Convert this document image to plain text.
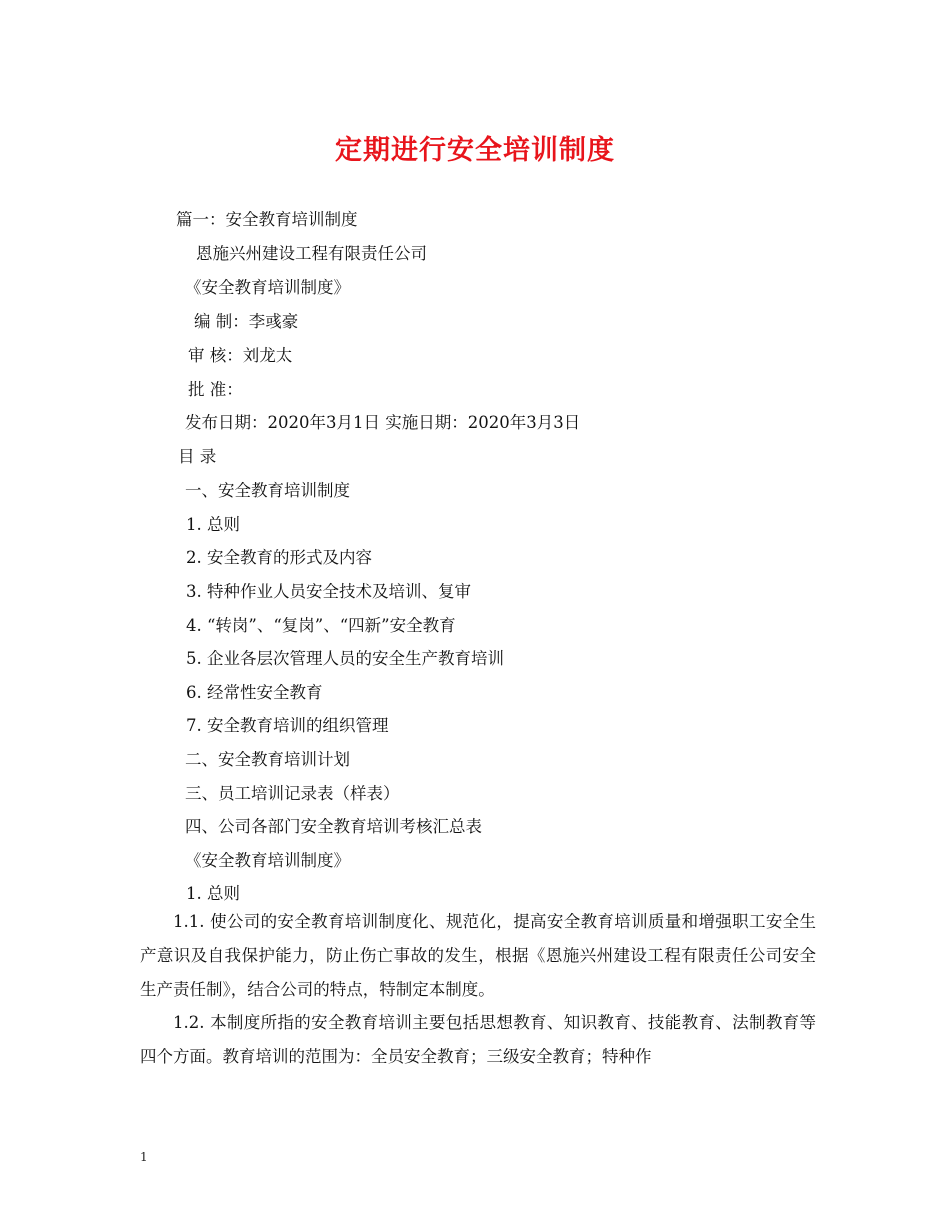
定期进行安全培训制度
篇一：安全教育培训制度
恩施兴州建设工程有限责任公司
《安全教育培训制度》
编 制：李彧豪
审 核：刘龙太
批 准：
发布日期：2020年3月1日 实施日期：2020年3月3日
目 录
一、安全教育培训制度
1. 总则
2. 安全教育的形式及内容
3. 特种作业人员安全技术及培训、复审
4. “转岗”、“复岗”、“四新”安全教育
5. 企业各层次管理人员的安全生产教育培训
6. 经常性安全教育
7. 安全教育培训的组织管理
二、安全教育培训计划
三、员工培训记录表（样表）
四、公司各部门安全教育培训考核汇总表
《安全教育培训制度》
1. 总则

1.1. 使公司的安全教育培训制度化、规范化，提高安全教育培训质量和增强职工安全生产意识及自我保护能力，防止伤亡事故的发生，根据《恩施兴州建设工程有限责任公司安全生产责任制》，结合公司的特点，特制定本制度。

1.2. 本制度所指的安全教育培训主要包括思想教育、知识教育、技能教育、法制教育等四个方面。教育培训的范围为：全员安全教育；三级安全教育；特种作

1
